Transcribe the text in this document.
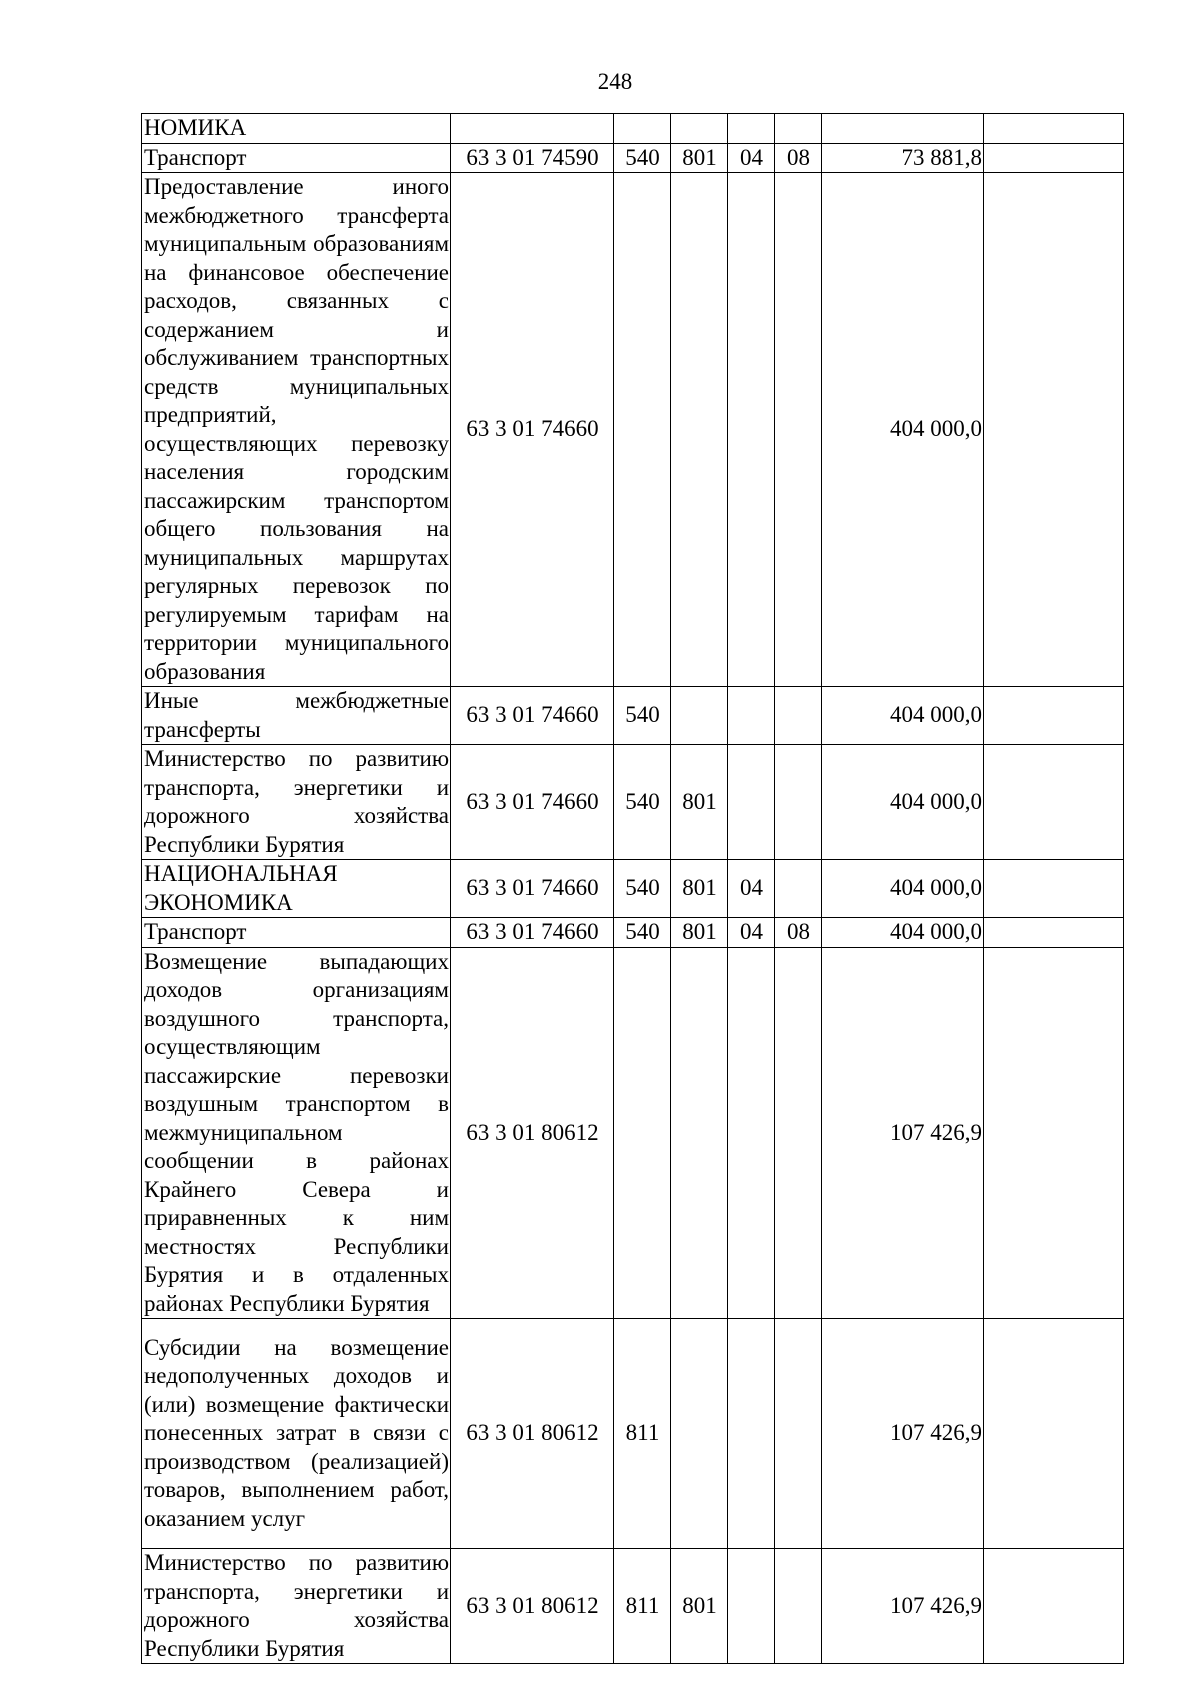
248
НОМИКА							
Транспорт	63 3 01 74590	540	801	04	08	73 881,8	
Предоставление иного межбюджетного трансферта муниципальным образованиям на финансовое обеспечение расходов, связанных с содержанием и обслуживанием транспортных средств муниципальных предприятий, осуществляющих перевозку населения городским пассажирским транспортом общего пользования на муниципальных маршрутах регулярных перевозок по регулируемым тарифам на территории муниципального образования	63 3 01 74660					404 000,0	
Иные межбюджетные трансферты	63 3 01 74660	540				404 000,0	
Министерство по развитию транспорта, энергетики и дорожного хозяйства Республики Бурятия	63 3 01 74660	540	801			404 000,0	
НАЦИОНАЛЬНАЯ ЭКОНОМИКА	63 3 01 74660	540	801	04		404 000,0	
Транспорт	63 3 01 74660	540	801	04	08	404 000,0	
Возмещение выпадающих доходов организациям воздушного транспорта, осуществляющим пассажирские перевозки воздушным транспортом в межмуниципальном сообщении в районах Крайнего Севера и приравненных к ним местностях Республики Бурятия и в отдаленных районах Республики Бурятия	63 3 01 80612					107 426,9	
Субсидии на возмещение недополученных доходов и (или) возмещение фактически понесенных затрат в связи с производством (реализацией) товаров, выполнением работ, оказанием услуг	63 3 01 80612	811				107 426,9	
Министерство по развитию транспорта, энергетики и дорожного хозяйства Республики Бурятия	63 3 01 80612	811	801			107 426,9	
